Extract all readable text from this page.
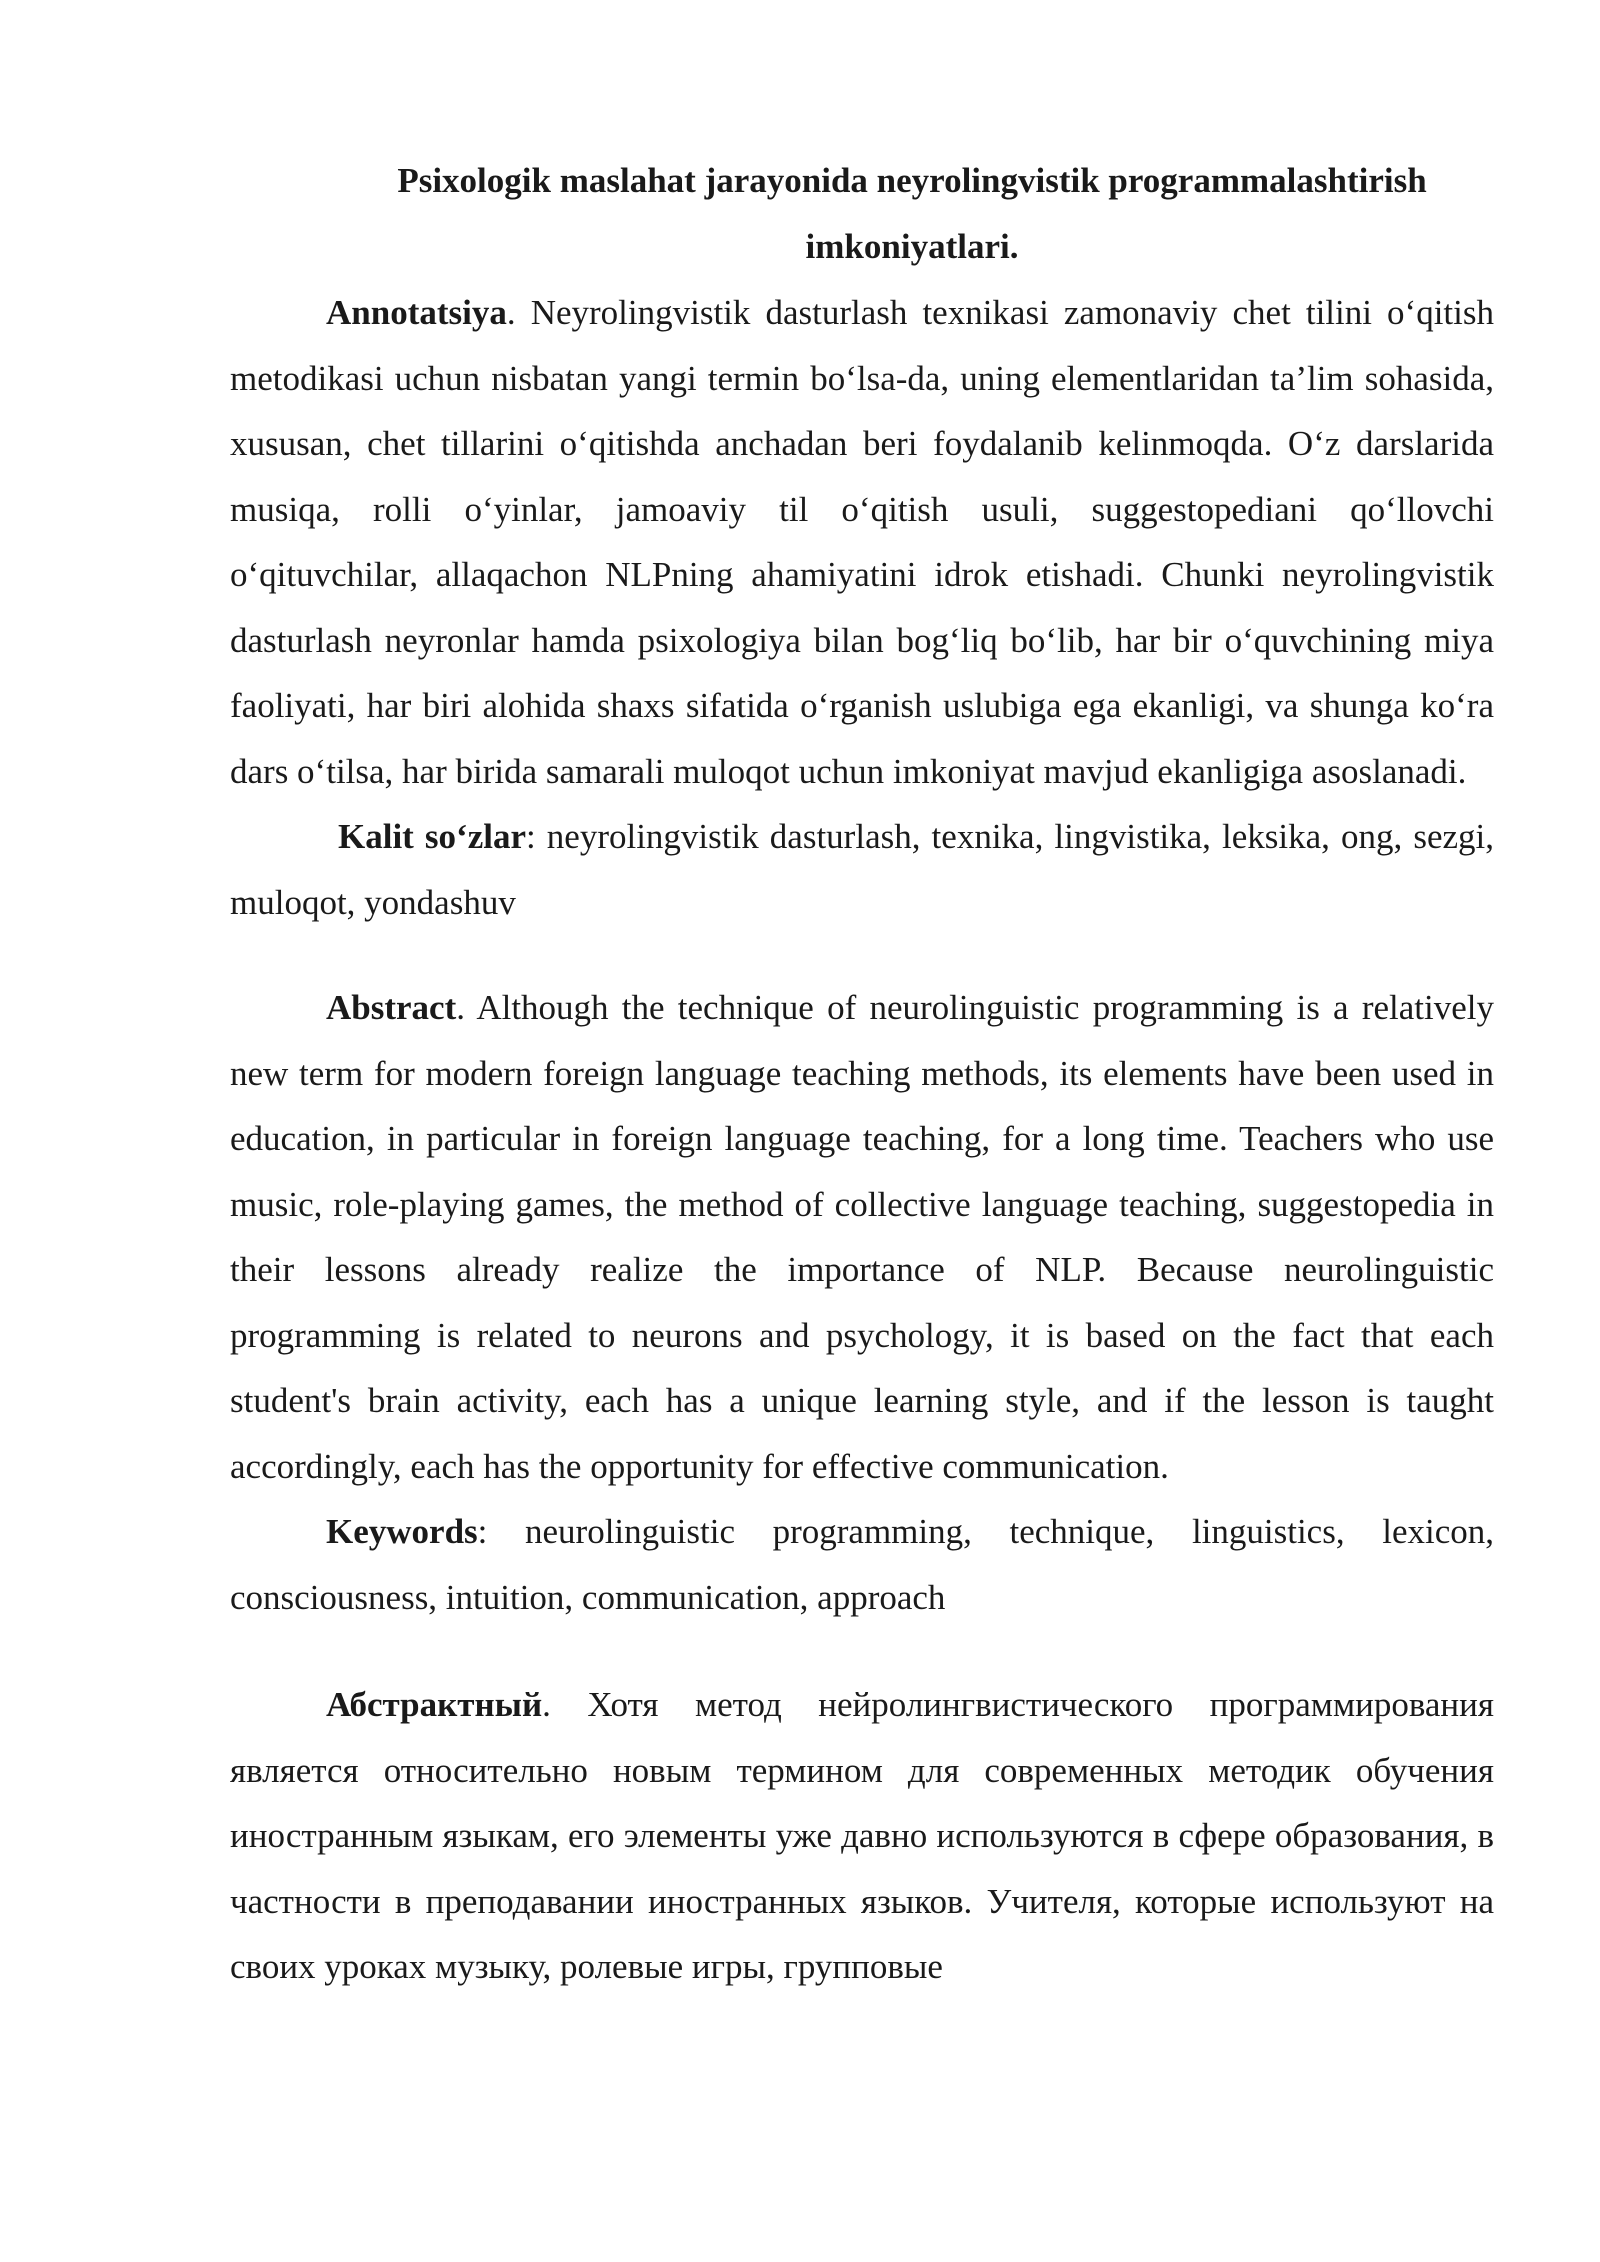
Psixologik maslahat jarayonida neyrolingvistik programmalashtirish
imkoniyatlari.

Annotatsiya. Neyrolingvistik dasturlash texnikasi zamonaviy chet tilini o‘qitish metodikasi uchun nisbatan yangi termin bo‘lsa-da, uning elementlaridan ta’lim sohasida, xususan, chet tillarini o‘qitishda anchadan beri foydalanib kelinmoqda. O‘z darslarida musiqa, rolli o‘yinlar, jamoaviy til o‘qitish usuli, suggestopediani qo‘llovchi o‘qituvchilar, allaqachon NLPning ahamiyatini idrok etishadi. Chunki neyrolingvistik dasturlash neyronlar hamda psixologiya bilan bog‘liq bo‘lib, har bir o‘quvchining miya faoliyati, har biri alohida shaxs sifatida o‘rganish uslubiga ega ekanligi, va shunga ko‘ra dars o‘tilsa, har birida samarali muloqot uchun imkoniyat mavjud ekanligiga asoslanadi.

Kalit so‘zlar: neyrolingvistik dasturlash, texnika, lingvistika, leksika, ong, sezgi, muloqot, yondashuv

Abstract. Although the technique of neurolinguistic programming is a relatively new term for modern foreign language teaching methods, its elements have been used in education, in particular in foreign language teaching, for a long time. Teachers who use music, role-playing games, the method of collective language teaching, suggestopedia in their lessons already realize the importance of NLP. Because neurolinguistic programming is related to neurons and psychology, it is based on the fact that each student's brain activity, each has a unique learning style, and if the lesson is taught accordingly, each has the opportunity for effective communication.

Keywords: neurolinguistic programming, technique, linguistics, lexicon, consciousness, intuition, communication, approach

Абстрактный. Хотя метод нейролингвистического программирования является относительно новым термином для современных методик обучения иностранным языкам, его элементы уже давно используются в сфере образования, в частности в преподавании иностранных языков. Учителя, которые используют на своих уроках музыку, ролевые игры, групповые
